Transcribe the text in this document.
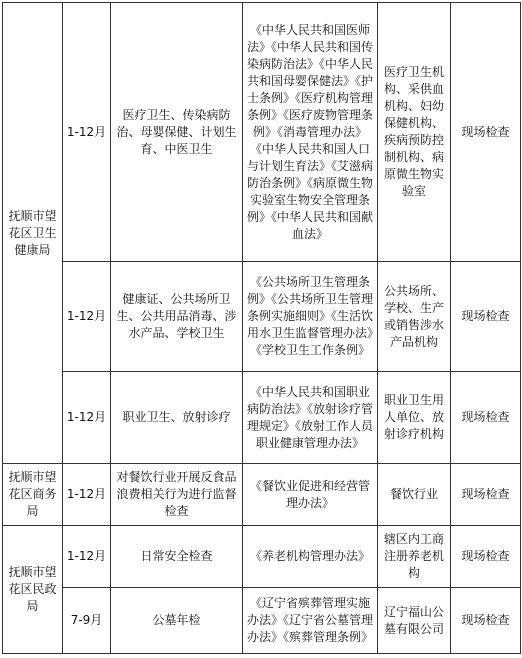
抚顺市望花区卫生健康局	1-12月	医疗卫生、传染病防治、母婴保健、计划生育、中医卫生	《中华人民共和国医师法》《中华人民共和国传染病防治法》《中华人民共和国母婴保健法》《护士条例》《医疗机构管理条例》《医疗废物管理条例》《消毒管理办法》《中华人民共和国人口与计划生育法》《艾滋病防治条例》《病原微生物实验室生物安全管理条例》《中华人民共和国献血法》	医疗卫生机构、采供血机构、妇幼保健机构、疾病预防控制机构、病原微生物实验室	现场检查
	1-12月	健康证、公共场所卫生、公共用品消毒、涉水产品、学校卫生	《公共场所卫生管理条例》《公共场所卫生管理条例实施细则》《生活饮用水卫生监督管理办法》《学校卫生工作条例》	公共场所、学校、生产或销售涉水产品机构	现场检查
	1-12月	职业卫生、放射诊疗	《中华人民共和国职业病防治法》《放射诊疗管理规定》《放射工作人员职业健康管理办法》	职业卫生用人单位、放射诊疗机构	现场检查
抚顺市望花区商务局	1-12月	对餐饮行业开展反食品浪费相关行为进行监督检查	《餐饮业促进和经营管理办法》	餐饮行业	现场检查
抚顺市望花区民政局	1-12月	日常安全检查	《养老机构管理办法》	辖区内工商注册养老机构	现场检查
	7-9月	公墓年检	《辽宁省殡葬管理实施办法》《辽宁省公墓管理办法》《殡葬管理条例》	辽宁福山公墓有限公司	现场检查
